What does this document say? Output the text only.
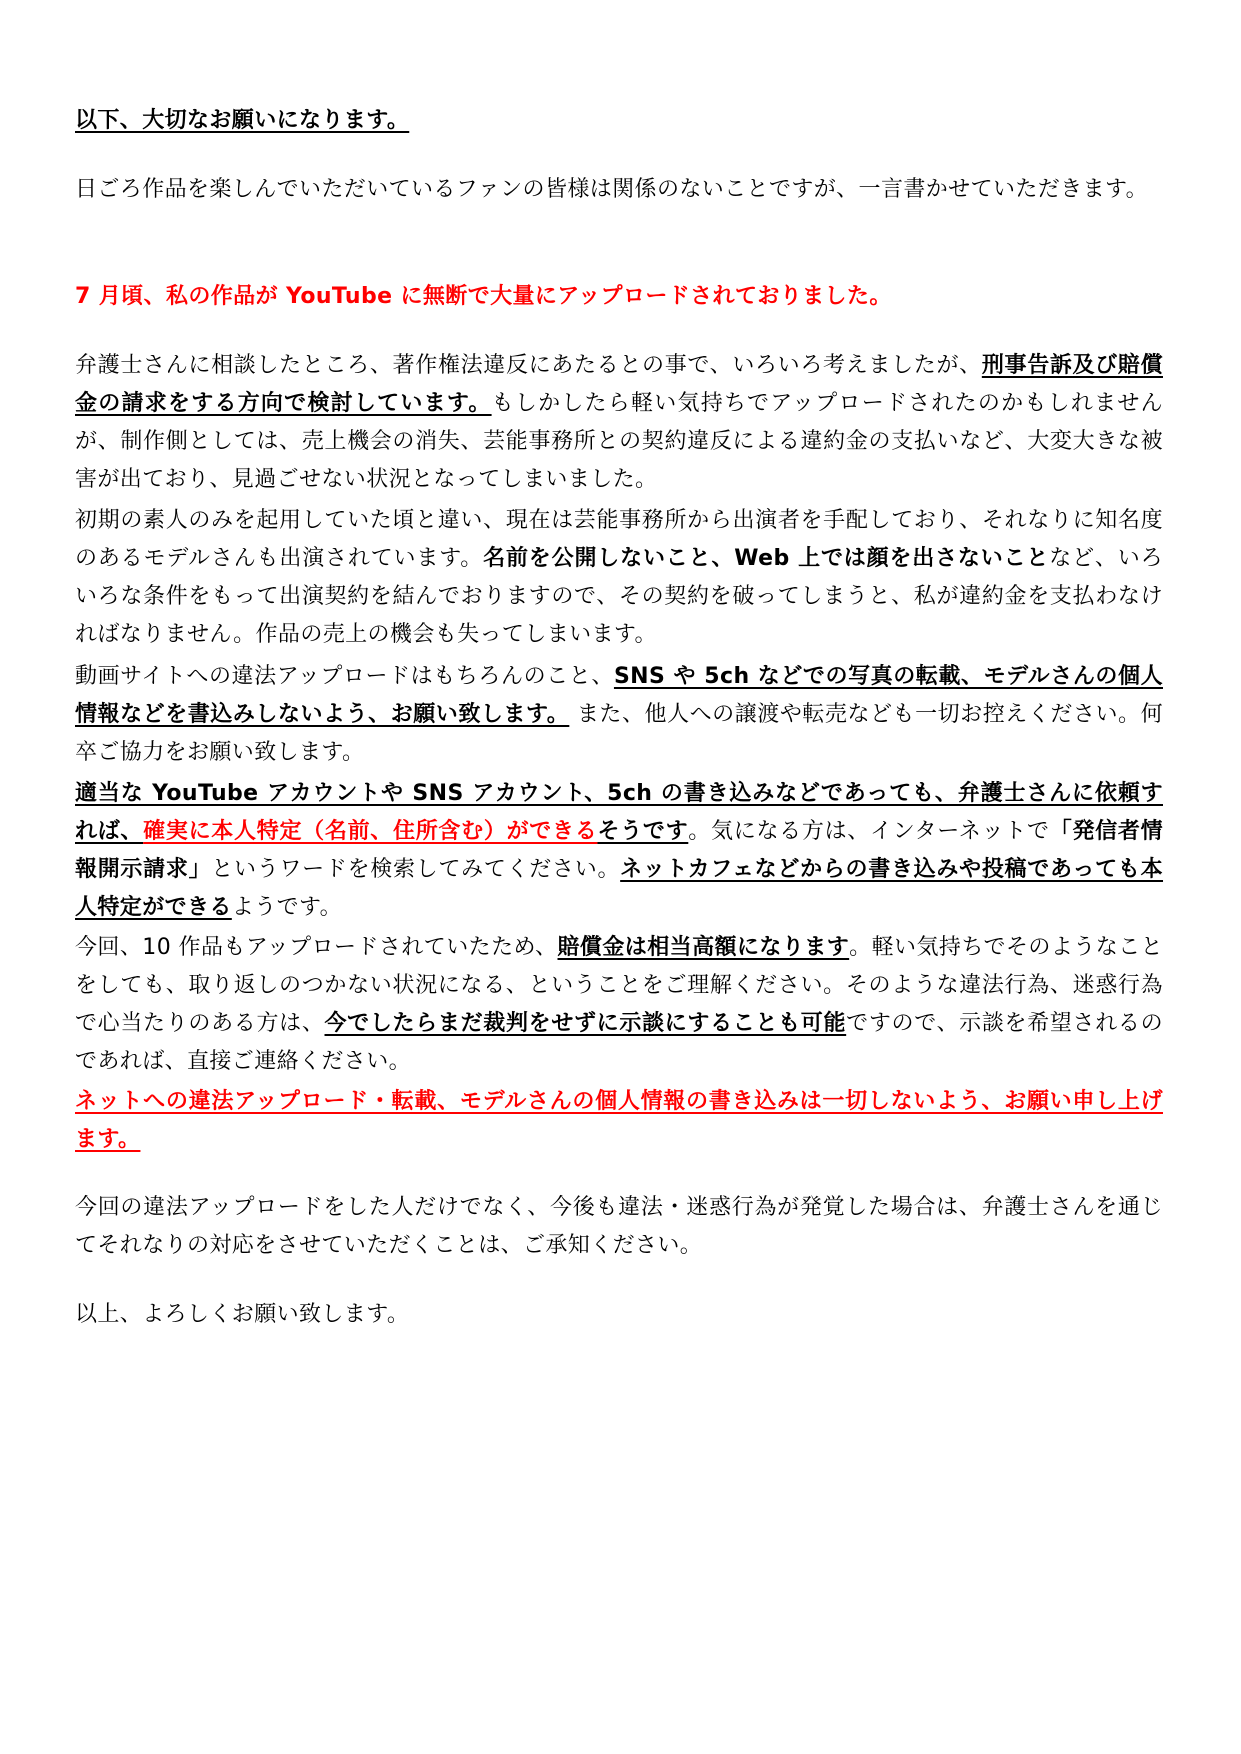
以下、大切なお願いになります。

日ごろ作品を楽しんでいただいているファンの皆様は関係のないことですが、一言書かせていただきます。

7 月頃、私の作品が YouTube に無断で大量にアップロードされておりました。

弁護士さんに相談したところ、著作権法違反にあたるとの事で、いろいろ考えましたが、刑事告訴及び賠償金の請求をする方向で検討しています。もしかしたら軽い気持ちでアップロードされたのかもしれませんが、制作側としては、売上機会の消失、芸能事務所との契約違反による違約金の支払いなど、大変大きな被害が出ており、見過ごせない状況となってしまいました。

初期の素人のみを起用していた頃と違い、現在は芸能事務所から出演者を手配しており、それなりに知名度のあるモデルさんも出演されています。名前を公開しないこと、Web 上では顔を出さないことなど、いろいろな条件をもって出演契約を結んでおりますので、その契約を破ってしまうと、私が違約金を支払わなければなりません。作品の売上の機会も失ってしまいます。

動画サイトへの違法アップロードはもちろんのこと、SNS や 5ch などでの写真の転載、モデルさんの個人情報などを書込みしないよう、お願い致します。 また、他人への譲渡や転売なども一切お控えください。何卒ご協力をお願い致します。

適当な YouTube アカウントや SNS アカウント、5ch の書き込みなどであっても、弁護士さんに依頼すれば、確実に本人特定（名前、住所含む）ができるそうです。気になる方は、インターネットで「発信者情報開示請求」というワードを検索してみてください。ネットカフェなどからの書き込みや投稿であっても本人特定ができるようです。

今回、10 作品もアップロードされていたため、賠償金は相当高額になります。軽い気持ちでそのようなことをしても、取り返しのつかない状況になる、ということをご理解ください。そのような違法行為、迷惑行為で心当たりのある方は、今でしたらまだ裁判をせずに示談にすることも可能ですので、示談を希望されるのであれば、直接ご連絡ください。

ネットへの違法アップロード・転載、モデルさんの個人情報の書き込みは一切しないよう、お願い申し上げます。

今回の違法アップロードをした人だけでなく、今後も違法・迷惑行為が発覚した場合は、弁護士さんを通じてそれなりの対応をさせていただくことは、ご承知ください。

以上、よろしくお願い致します。
